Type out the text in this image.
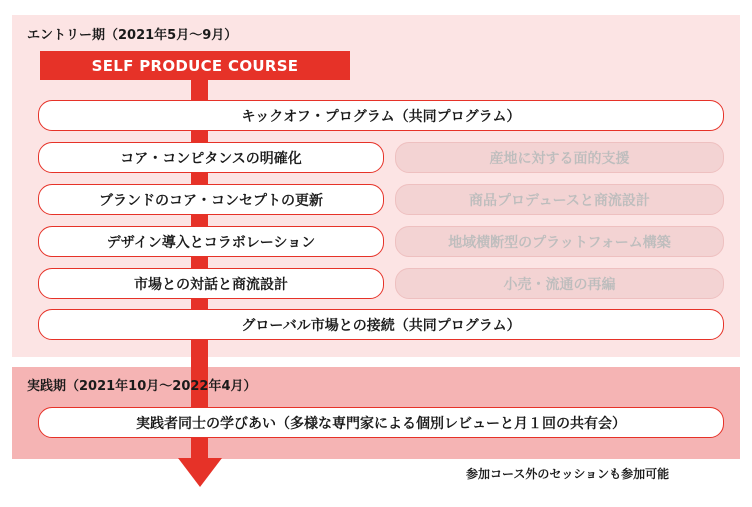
エントリー期（2021年5月〜9月）
SELF PRODUCE COURSE
キックオフ・プログラム（共同プログラム）
コア・コンピタンスの明確化
ブランドのコア・コンセプトの更新
デザイン導入とコラボレーション
市場との対話と商流設計
産地に対する面的支援
商品プロデュースと商流設計
地域横断型のプラットフォーム構築
小売・流通の再編
グローバル市場との接続（共同プログラム）
実践期（2021年10月〜2022年4月）
実践者同士の学びあい（多様な専門家による個別レビューと月１回の共有会）
参加コース外のセッションも参加可能
